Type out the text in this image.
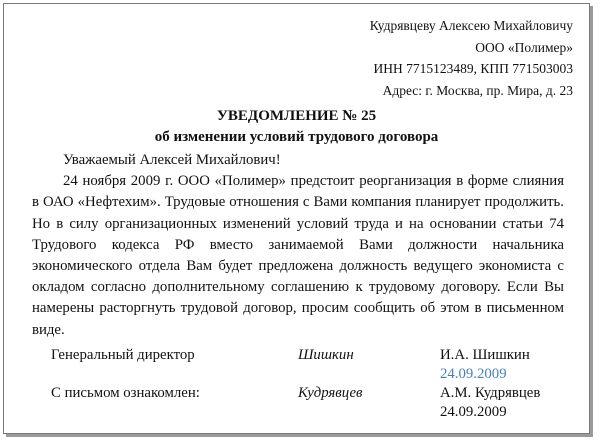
Кудрявцеву Алексею Михайловичу
ООО «Полимер»
ИНН 7715123489, КПП 771503003
Адрес: г. Москва, пр. Мира, д. 23
УВЕДОМЛЕНИЕ № 25
об изменении условий трудового договора

Уважаемый Алексей Михайлович!

24 ноября 2009 г. ООО «Полимер» предстоит реорганизация в форме слияния в ОАО «Нефтехим». Трудовые отношения с Вами компания планирует продолжить. Но в силу организационных изменений условий труда и на основании статьи 74 Трудового кодекса РФ вместо занимаемой Вами должности начальника экономического отдела Вам будет предложена должность ведущего экономиста с окладом согласно дополнительному соглашению к трудовому договору. Если Вы намерены расторгнуть трудовой договор, просим сообщить об этом в письменном виде.

Генеральный директор	Шишкин	И.А. Шишкин
24.09.2009
С письмом ознакомлен:	Кудрявцев	А.М. Кудрявцев
24.09.2009
